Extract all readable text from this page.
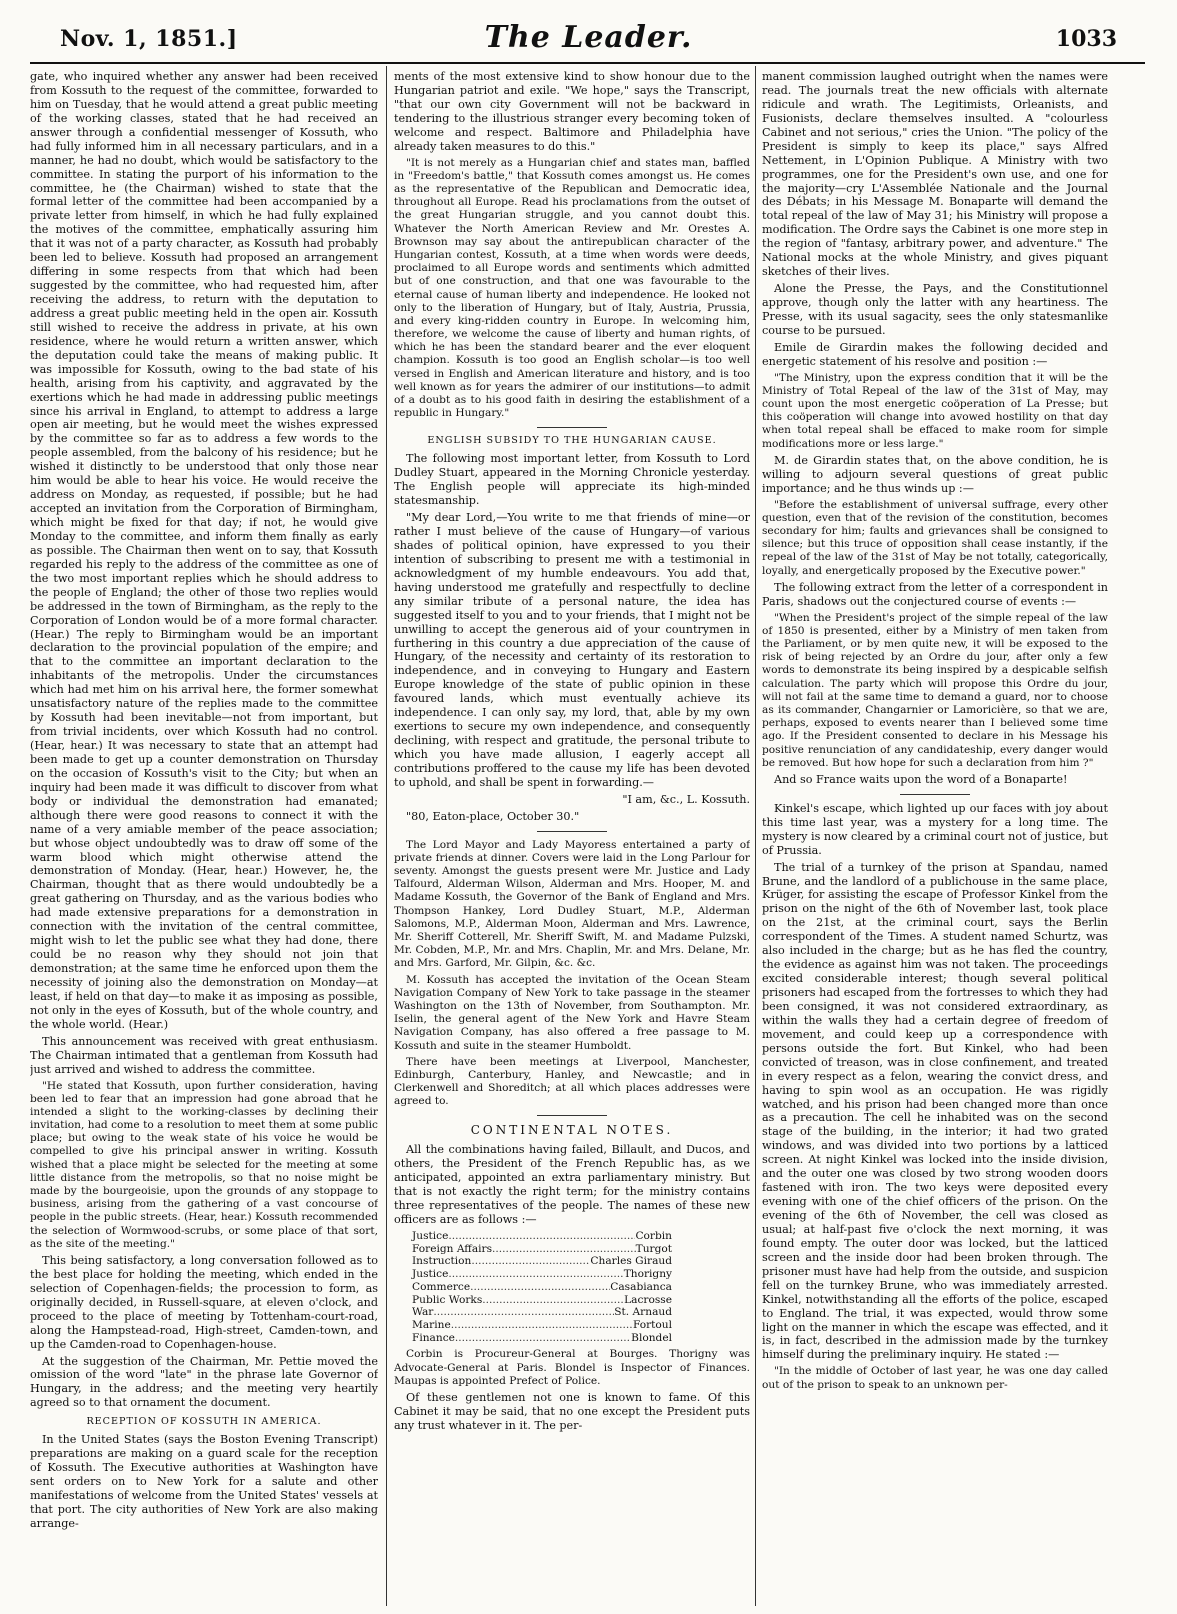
Nov. 1, 1851.]	The Leader.	1033

gate, who inquired whether any answer had been received from Kossuth to the request of the committee, forwarded to him on Tuesday, that he would attend a great public meeting of the working classes, stated that he had received an answer through a confidential messenger of Kossuth, who had fully informed him in all necessary particulars, and in a manner, he had no doubt, which would be satisfactory to the committee. In stating the purport of his information to the committee, he (the Chairman) wished to state that the formal letter of the committee had been accompanied by a private letter from himself, in which he had fully explained the motives of the committee, emphatically assuring him that it was not of a party character, as Kossuth had probably been led to believe. Kossuth had proposed an arrangement differing in some respects from that which had been suggested by the committee, who had requested him, after receiving the address, to return with the deputation to address a great public meeting held in the open air. Kossuth still wished to receive the address in private, at his own residence, where he would return a written answer, which the deputation could take the means of making public. It was impossible for Kossuth, owing to the bad state of his health, arising from his captivity, and aggravated by the exertions which he had made in addressing public meetings since his arrival in England, to attempt to address a large open air meeting, but he would meet the wishes expressed by the committee so far as to address a few words to the people assembled, from the balcony of his residence; but he wished it distinctly to be understood that only those near him would be able to hear his voice. He would receive the address on Monday, as requested, if possible; but he had accepted an invitation from the Corporation of Birmingham, which might be fixed for that day; if not, he would give Monday to the committee, and inform them finally as early as possible. The Chairman then went on to say, that Kossuth regarded his reply to the address of the committee as one of the two most important replies which he should address to the people of England; the other of those two replies would be addressed in the town of Birmingham, as the reply to the Corporation of London would be of a more formal character. (Hear.) The reply to Birmingham would be an important declaration to the provincial population of the empire; and that to the committee an important declaration to the inhabitants of the metropolis. Under the circumstances which had met him on his arrival here, the former somewhat unsatisfactory nature of the replies made to the committee by Kossuth had been inevitable—not from important, but from trivial incidents, over which Kossuth had no control. (Hear, hear.) It was necessary to state that an attempt had been made to get up a counter demonstration on Thursday on the occasion of Kossuth's visit to the City; but when an inquiry had been made it was difficult to discover from what body or individual the demonstration had emanated; although there were good reasons to connect it with the name of a very amiable member of the peace association; but whose object undoubtedly was to draw off some of the warm blood which might otherwise attend the demonstration of Monday. (Hear, hear.) However, he, the Chairman, thought that as there would undoubtedly be a great gathering on Thursday, and as the various bodies who had made extensive preparations for a demonstration in connection with the invitation of the central committee, might wish to let the public see what they had done, there could be no reason why they should not join that demonstration; at the same time he enforced upon them the necessity of joining also the demonstration on Monday—at least, if held on that day—to make it as imposing as possible, not only in the eyes of Kossuth, but of the whole country, and the whole world. (Hear.)

This announcement was received with great enthusiasm. The Chairman intimated that a gentleman from Kossuth had just arrived and wished to address the committee.

"He stated that Kossuth, upon further consideration, having been led to fear that an impression had gone abroad that he intended a slight to the working-classes by declining their invitation, had come to a resolution to meet them at some public place; but owing to the weak state of his voice he would be compelled to give his principal answer in writing. Kossuth wished that a place might be selected for the meeting at some little distance from the metropolis, so that no noise might be made by the bourgeoisie, upon the grounds of any stoppage to business, arising from the gathering of a vast concourse of people in the public streets. (Hear, hear.) Kossuth recommended the selection of Wormwood-scrubs, or some place of that sort, as the site of the meeting."

This being satisfactory, a long conversation followed as to the best place for holding the meeting, which ended in the selection of Copenhagen-fields; the procession to form, as originally decided, in Russell-square, at eleven o'clock, and proceed to the place of meeting by Tottenham-court-road, along the Hampstead-road, High-street, Camden-town, and up the Camden-road to Copenhagen-house.

At the suggestion of the Chairman, Mr. Pettie moved the omission of the word "late" in the phrase late Governor of Hungary, in the address; and the meeting very heartily agreed so to that ornament the document.

RECEPTION OF KOSSUTH IN AMERICA.

In the United States (says the Boston Evening Transcript) preparations are making on a guard scale for the reception of Kossuth. The Executive authorities at Washington have sent orders on to New York for a salute and other manifestations of welcome from the United States' vessels at that port. The city authorities of New York are also making arrange-

ments of the most extensive kind to show honour due to the Hungarian patriot and exile. "We hope," says the Transcript, "that our own city Government will not be backward in tendering to the illustrious stranger every becoming token of welcome and respect. Baltimore and Philadelphia have already taken measures to do this."

"It is not merely as a Hungarian chief and states man, baffled in "Freedom's battle," that Kossuth comes amongst us. He comes as the representative of the Republican and Democratic idea, throughout all Europe. Read his proclamations from the outset of the great Hungarian struggle, and you cannot doubt this. Whatever the North American Review and Mr. Orestes A. Brownson may say about the antirepublican character of the Hungarian contest, Kossuth, at a time when words were deeds, proclaimed to all Europe words and sentiments which admitted but of one construction, and that one was favourable to the eternal cause of human liberty and independence. He looked not only to the liberation of Hungary, but of Italy, Austria, Prussia, and every king-ridden country in Europe. In welcoming him, therefore, we welcome the cause of liberty and human rights, of which he has been the standard bearer and the ever eloquent champion. Kossuth is too good an English scholar—is too well versed in English and American literature and history, and is too well known as for years the admirer of our institutions—to admit of a doubt as to his good faith in desiring the establishment of a republic in Hungary."

ENGLISH SUBSIDY TO THE HUNGARIAN CAUSE.

The following most important letter, from Kossuth to Lord Dudley Stuart, appeared in the Morning Chronicle yesterday. The English people will appreciate its high-minded statesmanship.

"My dear Lord,—You write to me that friends of mine—or rather I must believe of the cause of Hungary—of various shades of political opinion, have expressed to you their intention of subscribing to present me with a testimonial in acknowledgment of my humble endeavours. You add that, having understood me gratefully and respectfully to decline any similar tribute of a personal nature, the idea has suggested itself to you and to your friends, that I might not be unwilling to accept the generous aid of your countrymen in furthering in this country a due appreciation of the cause of Hungary, of the necessity and certainty of its restoration to independence, and in conveying to Hungary and Eastern Europe knowledge of the state of public opinion in these favoured lands, which must eventually achieve its independence. I can only say, my lord, that, able by my own exertions to secure my own independence, and consequently declining, with respect and gratitude, the personal tribute to which you have made allusion, I eagerly accept all contributions proffered to the cause my life has been devoted to uphold, and shall be spent in forwarding.—

"I am, &c., L. Kossuth.

"80, Eaton-place, October 30."

The Lord Mayor and Lady Mayoress entertained a party of private friends at dinner. Covers were laid in the Long Parlour for seventy. Amongst the guests present were Mr. Justice and Lady Talfourd, Alderman Wilson, Alderman and Mrs. Hooper, M. and Madame Kossuth, the Governor of the Bank of England and Mrs. Thompson Hankey, Lord Dudley Stuart, M.P., Alderman Salomons, M.P., Alderman Moon, Alderman and Mrs. Lawrence, Mr. Sheriff Cotterell, Mr. Sheriff Swift, M. and Madame Pulzski, Mr. Cobden, M.P., Mr. and Mrs. Chaplin, Mr. and Mrs. Delane, Mr. and Mrs. Garford, Mr. Gilpin, &c. &c.

M. Kossuth has accepted the invitation of the Ocean Steam Navigation Company of New York to take passage in the steamer Washington on the 13th of November, from Southampton. Mr. Iselin, the general agent of the New York and Havre Steam Navigation Company, has also offered a free passage to M. Kossuth and suite in the steamer Humboldt.

There have been meetings at Liverpool, Manchester, Edinburgh, Canterbury, Hanley, and Newcastle; and in Clerkenwell and Shoreditch; at all which places addresses were agreed to.

CONTINENTAL NOTES.

All the combinations having failed, Billault, and Ducos, and others, the President of the French Republic has, as we anticipated, appointed an extra parliamentary ministry. But that is not exactly the right term; for the ministry contains three representatives of the people. The names of these new officers are as follows :—

Justice .....	Corbin
Foreign Affairs .....	Turgot
Instruction .....	Charles Giraud
Justice .....	Thorigny
Commerce .....	Casabianca
Public Works .....	Lacrosse
War .....	St. Arnaud
Marine .....	Fortoul
Finance .....	Blondel

Corbin is Procureur-General at Bourges. Thorigny was Advocate-General at Paris. Blondel is Inspector of Finances. Maupas is appointed Prefect of Police.

Of these gentlemen not one is known to fame. Of this Cabinet it may be said, that no one except the President puts any trust whatever in it. The per-

manent commission laughed outright when the names were read. The journals treat the new officials with alternate ridicule and wrath. The Legitimists, Orleanists, and Fusionists, declare themselves insulted. A "colourless Cabinet and not serious," cries the Union. "The policy of the President is simply to keep its place," says Alfred Nettement, in L'Opinion Publique. A Ministry with two programmes, one for the President's own use, and one for the majority—cry L'Assemblée Nationale and the Journal des Débats; in his Message M. Bonaparte will demand the total repeal of the law of May 31; his Ministry will propose a modification. The Ordre says the Cabinet is one more step in the region of "fantasy, arbitrary power, and adventure." The National mocks at the whole Ministry, and gives piquant sketches of their lives.

Alone the Presse, the Pays, and the Constitutionnel approve, though only the latter with any heartiness. The Presse, with its usual sagacity, sees the only statesmanlike course to be pursued.

Emile de Girardin makes the following decided and energetic statement of his resolve and position :—

"The Ministry, upon the express condition that it will be the Ministry of Total Repeal of the law of the 31st of May, may count upon the most energetic coöperation of La Presse; but this coöperation will change into avowed hostility on that day when total repeal shall be effaced to make room for simple modifications more or less large."

M. de Girardin states that, on the above condition, he is willing to adjourn several questions of great public importance; and he thus winds up :—

"Before the establishment of universal suffrage, every other question, even that of the revision of the constitution, becomes secondary for him; faults and grievances shall be consigned to silence; but this truce of opposition shall cease instantly, if the repeal of the law of the 31st of May be not totally, categorically, loyally, and energetically proposed by the Executive power."

The following extract from the letter of a correspondent in Paris, shadows out the conjectured course of events :—

"When the President's project of the simple repeal of the law of 1850 is presented, either by a Ministry of men taken from the Parliament, or by men quite new, it will be exposed to the risk of being rejected by an Ordre du jour, after only a few words to demonstrate its being inspired by a despicable selfish calculation. The party which will propose this Ordre du jour, will not fail at the same time to demand a guard, nor to choose as its commander, Changarnier or Lamoricière, so that we are, perhaps, exposed to events nearer than I believed some time ago. If the President consented to declare in his Message his positive renunciation of any candidateship, every danger would be removed. But how hope for such a declaration from him ?"

And so France waits upon the word of a Bonaparte!

Kinkel's escape, which lighted up our faces with joy about this time last year, was a mystery for a long time. The mystery is now cleared by a criminal court not of justice, but of Prussia.

The trial of a turnkey of the prison at Spandau, named Brune, and the landlord of a publichouse in the same place, Krüger, for assisting the escape of Professor Kinkel from the prison on the night of the 6th of November last, took place on the 21st, at the criminal court, says the Berlin correspondent of the Times. A student named Schurtz, was also included in the charge; but as he has fled the country, the evidence as against him was not taken. The proceedings excited considerable interest; though several political prisoners had escaped from the fortresses to which they had been consigned, it was not considered extraordinary, as within the walls they had a certain degree of freedom of movement, and could keep up a correspondence with persons outside the fort. But Kinkel, who had been convicted of treason, was in close confinement, and treated in every respect as a felon, wearing the convict dress, and having to spin wool as an occupation. He was rigidly watched, and his prison had been changed more than once as a precaution. The cell he inhabited was on the second stage of the building, in the interior; it had two grated windows, and was divided into two portions by a latticed screen. At night Kinkel was locked into the inside division, and the outer one was closed by two strong wooden doors fastened with iron. The two keys were deposited every evening with one of the chief officers of the prison. On the evening of the 6th of November, the cell was closed as usual; at half-past five o'clock the next morning, it was found empty. The outer door was locked, but the latticed screen and the inside door had been broken through. The prisoner must have had help from the outside, and suspicion fell on the turnkey Brune, who was immediately arrested. Kinkel, notwithstanding all the efforts of the police, escaped to England. The trial, it was expected, would throw some light on the manner in which the escape was effected, and it is, in fact, described in the admission made by the turnkey himself during the preliminary inquiry. He stated :—

"In the middle of October of last year, he was one day called out of the prison to speak to an unknown per-
